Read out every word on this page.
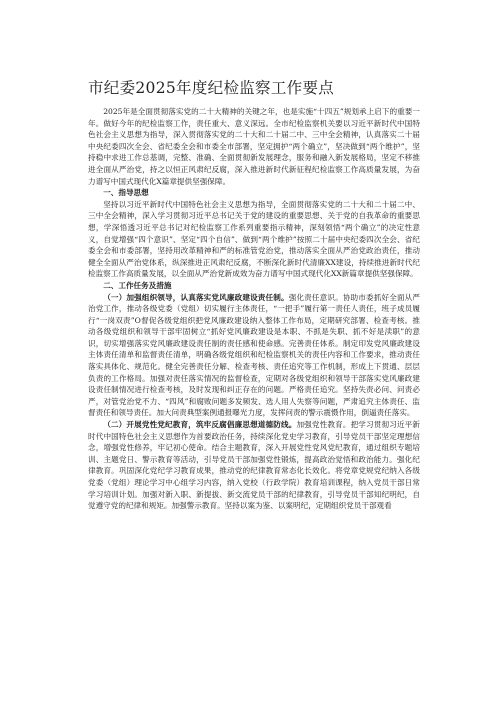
市纪委2025年度纪检监察工作要点

2025年是全面贯彻落实党的二十大精神的关键之年，也是实施“十四五”规划承上启下的重要一年。做好今年的纪检监察工作，责任重大、意义深远。全市纪检监察机关要以习近平新时代中国特色社会主义思想为指导，深入贯彻落实党的二十大和二十届二中、三中全会精神，认真落实二十届中央纪委四次全会、省纪委全会和市委全市部署，坚定拥护“两个确立”，坚决做到“两个维护”，坚持稳中求进工作总基调，完整、准确、全面贯彻新发展理念，服务和融入新发展格局，坚定不移推进全面从严治党，持之以恒正风肃纪反腐，深入推进新时代新征程纪检监察工作高质量发展，为奋力谱写中国式现代化X篇章提供坚强保障。

一、指导思想

坚持以习近平新时代中国特色社会主义思想为指导，全面贯彻落实党的二十大和二十届二中、三中全会精神，深入学习贯彻习近平总书记关于党的建设的重要思想、关于党的自我革命的重要思想，学深悟透习近平总书记对纪检监察工作系列重要指示精神，深刻领悟“两个确立”的决定性意义，自觉增强“四个意识”、坚定“四个自信”、做到“两个维护”按照二十届中央纪委四次全会、省纪委全会和市委部署，坚持用改革精神和严的标准管党治党，推动落实全面从严治党政治责任，推动健全全面从严治党体系，纵深推进正风肃纪反腐，不断深化新时代清廉XX建设，持续推进新时代纪检监察工作高质量发展，以全面从严治党新成效为奋力谱写中国式现代化XX新篇章提供坚强保障。

二、工作任务及措施

（一）加强组织领导，认真落实党风廉政建设责任制。强化责任意识。协助市委抓好全面从严治党工作，推动各级党委（党组）切实履行主体责任，“一把手”履行第一责任人责任，班子成员履行“一岗双责”O督促各级党组织把党风廉政建设纳入整体工作布局，定期研究部署、检查考核。推动各级党组织和领导干部牢固树立“抓好党风廉政建设是本职、不抓是失职、抓不好是渎职”的意识，切实增强落实党风廉政建设责任制的责任感和使命感。完善责任体系。制定印发党风廉政建设主体责任清单和监督责任清单，明确各级党组织和纪检监察机关的责任内容和工作要求，推动责任落实具体化、规范化。健全完善责任分解、检查考核、责任追究等工作机制，形成上下贯通、层层负责的工作格局。加强对责任落实情况的监督检查，定期对各级党组织和领导干部落实党风廉政建设责任制情况进行检查考核，及时发现和纠正存在的问题。严格责任追究。坚持失责必问、问责必严，对管党治党不力、“四风”和腐败问题多发频发、选人用人失察等问题，严肃追究主体责任、监督责任和领导责任。加大问责典型案例通报曝光力度，发挥问责的警示震慑作用，倒逼责任落实。

（二）开展党性党纪教育，筑牢反腐倡廉思想道德防线。加强党性教育。把学习贯彻习近平新时代中国特色社会主义思想作为首要政治任务，持续深化党史学习教育，引导党员干部坚定理想信念，增强党性修养，牢记初心使命。结合主题教育，深入开展党性党风党纪教育，通过组织专题培训、主题党日、警示教育等活动，引导党员干部加强党性锻炼，提高政治觉悟和政治能力。强化纪律教育。巩固深化党纪学习教育成果，推动党的纪律教育常态化长效化。将党章党规党纪纳入各级党委（党组）理论学习中心组学习内容，纳入党校（行政学院）教育培训课程，纳入党员干部日常学习培训计划。加强对新入职、新提拔、新交流党员干部的纪律教育，引导党员干部知纪明纪，自觉遵守党的纪律和规矩。加强警示教育。坚持以案为鉴、以案明纪，定期组织党员干部观看
